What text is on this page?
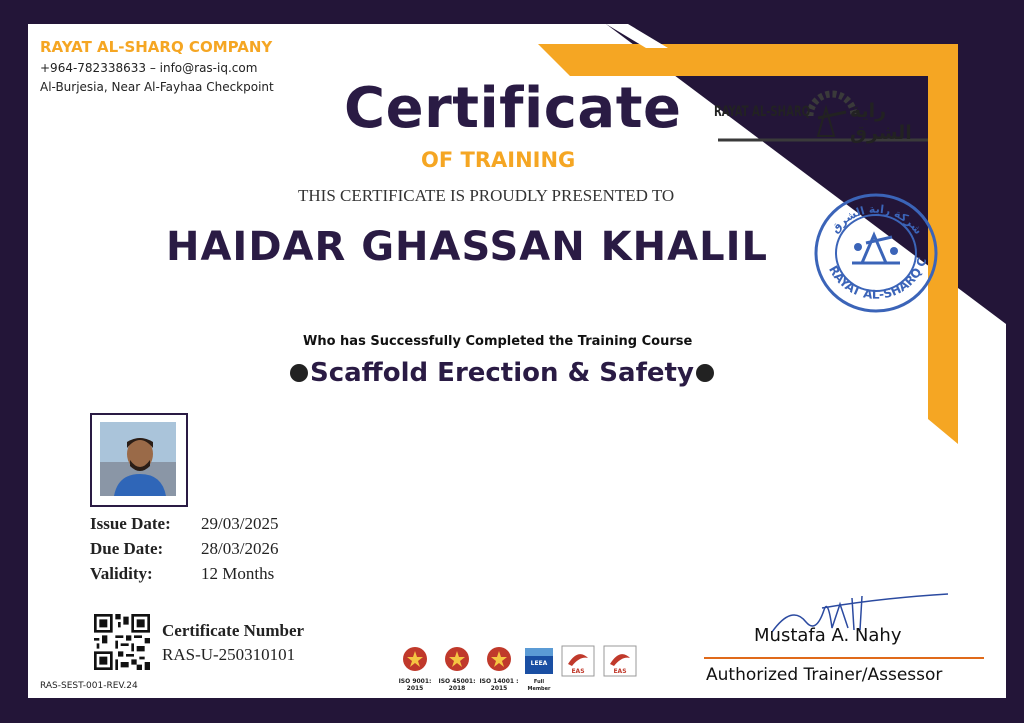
RAYAT AL-SHARQ COMPANY
+964-782338633 – info@ras-iq.com
Al-Burjesia, Near Al-Fayhaa Checkpoint Certificate
OF TRAINING
RAYAT AL-SHARQ راية الشرق
THIS CERTIFICATE IS PROUDLY PRESENTED TO
HAIDAR GHASSAN KHALIL
RAYAT AL-SHARQ C
شركة راية الشرق
Who has Successfully Completed the Training Course
Scaffold Erection & Safety
Issue Date: 29/03/2025
Due Date: 28/03/2026
Validity:	12 Months
Certificate Number
RAS-U-250310101
RAS-SEST-001-REV.24	ISO 9001:
2015
ISO 45001:
2018
ISO 14001 :
2015
LEEA
Full Member
EAS	EAS
Mustafa A. Nahy
Authorized Trainer/Assessor
